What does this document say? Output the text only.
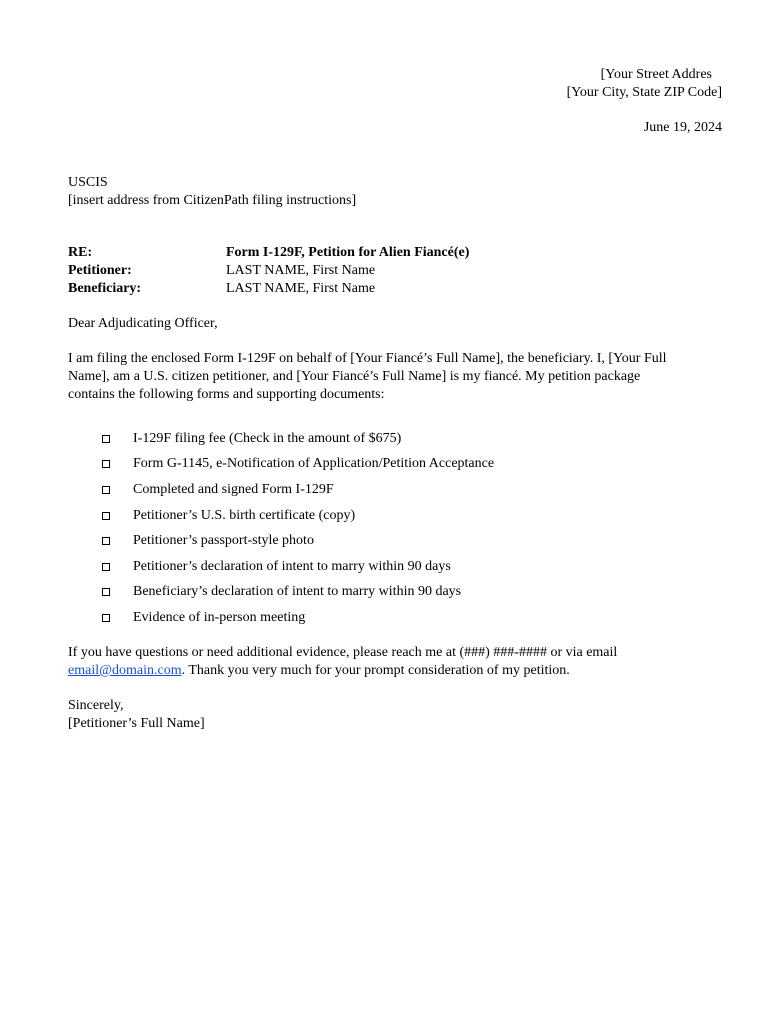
[Your Street Addres
[Your City, State ZIP Code]
June 19, 2024
USCIS
[insert address from CitizenPath filing instructions]
RE:	Form I-129F, Petition for Alien Fiancé(e)
Petitioner:	LAST NAME, First Name
Beneficiary:	LAST NAME, First Name
Dear Adjudicating Officer,
I am filing the enclosed Form I-129F on behalf of [Your Fiancé’s Full Name], the beneficiary. I, [Your Full Name], am a U.S. citizen petitioner, and [Your Fiancé’s Full Name] is my fiancé. My petition package contains the following forms and supporting documents:
I-129F filing fee (Check in the amount of $675)
Form G-1145, e-Notification of Application/Petition Acceptance
Completed and signed Form I-129F
Petitioner’s U.S. birth certificate (copy)
Petitioner’s passport-style photo
Petitioner’s declaration of intent to marry within 90 days
Beneficiary’s declaration of intent to marry within 90 days
Evidence of in-person meeting
If you have questions or need additional evidence, please reach me at (###) ###-#### or via email email@domain.com. Thank you very much for your prompt consideration of my petition.
Sincerely,
[Petitioner’s Full Name]
